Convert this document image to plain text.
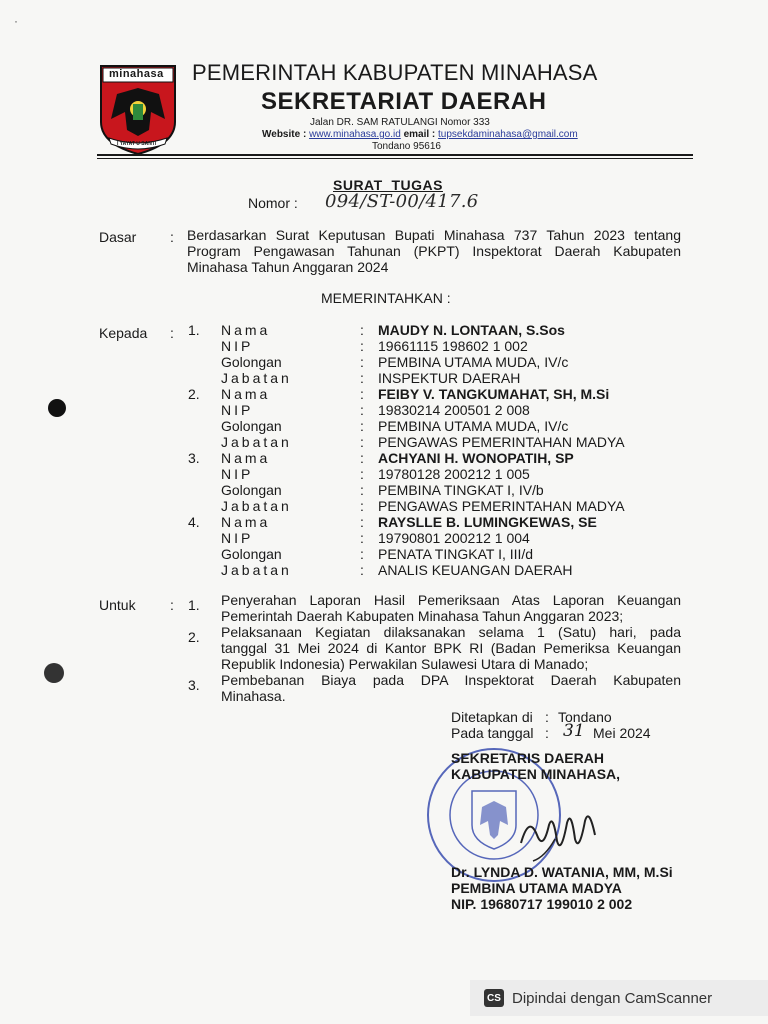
minahasa
I YAYAT U SANTI
PEMERINTAH KABUPATEN MINAHASA
SEKRETARIAT DAERAH
Jalan DR. SAM RATULANGI Nomor 333
Website : www.minahasa.go.id email : tupsekdaminahasa@gmail.com
Tondano 95616
SURAT  TUGAS
Nomor : 094/ST-00/417.6
Dasar : Berdasarkan Surat Keputusan Bupati Minahasa 737 Tahun 2023 tentang
Program Pengawasan Tahunan (PKPT) Inspektorat Daerah Kabupaten
Minahasa Tahun Anggaran 2024
MEMERINTAHKAN :
Kepada : 1. Nama	: MAUDY N. LONTAAN, S.Sos
NIP	: 19661115 198602 1 002
Golongan	: PEMBINA UTAMA MUDA, IV/c
Jabatan	: INSPEKTUR DAERAH
2. Nama	: FEIBY V. TANGKUMAHAT, SH, M.Si
NIP	: 19830214 200501 2 008
Golongan	: PEMBINA UTAMA MUDA, IV/c
Jabatan	: PENGAWAS PEMERINTAHAN MADYA
3. Nama	: ACHYANI H. WONOPATIH, SP
NIP	: 19780128 200212 1 005
Golongan	: PEMBINA TINGKAT I, IV/b
Jabatan	: PENGAWAS PEMERINTAHAN MADYA
4. Nama	: RAYSLLE B. LUMINGKEWAS, SE
NIP	: 19790801 200212 1 004
Golongan	: PENATA TINGKAT I, III/d
Jabatan	: ANALIS KEUANGAN DAERAH
Untuk : 1. Penyerahan Laporan Hasil Pemeriksaan Atas Laporan Keuangan
Pemerintah Daerah Kabupaten Minahasa Tahun Anggaran 2023;
2. Pelaksanaan Kegiatan dilaksanakan selama 1 (Satu) hari, pada
tanggal 31 Mei 2024 di Kantor BPK RI (Badan Pemeriksa Keuangan
Republik Indonesia) Perwakilan Sulawesi Utara di Manado;
3. Pembebanan Biaya pada DPA Inspektorat Daerah Kabupaten
Minahasa.
Ditetapkan di : Tondano
Pada tanggal : 31 Mei 2024
SEKRETARIS DAERAH
KABUPATEN MINAHASA,
Dr. LYNDA D. WATANIA, MM, M.Si
PEMBINA UTAMA MADYA
NIP. 19680717 199010 2 002
·
CS Dipindai dengan CamScanner
